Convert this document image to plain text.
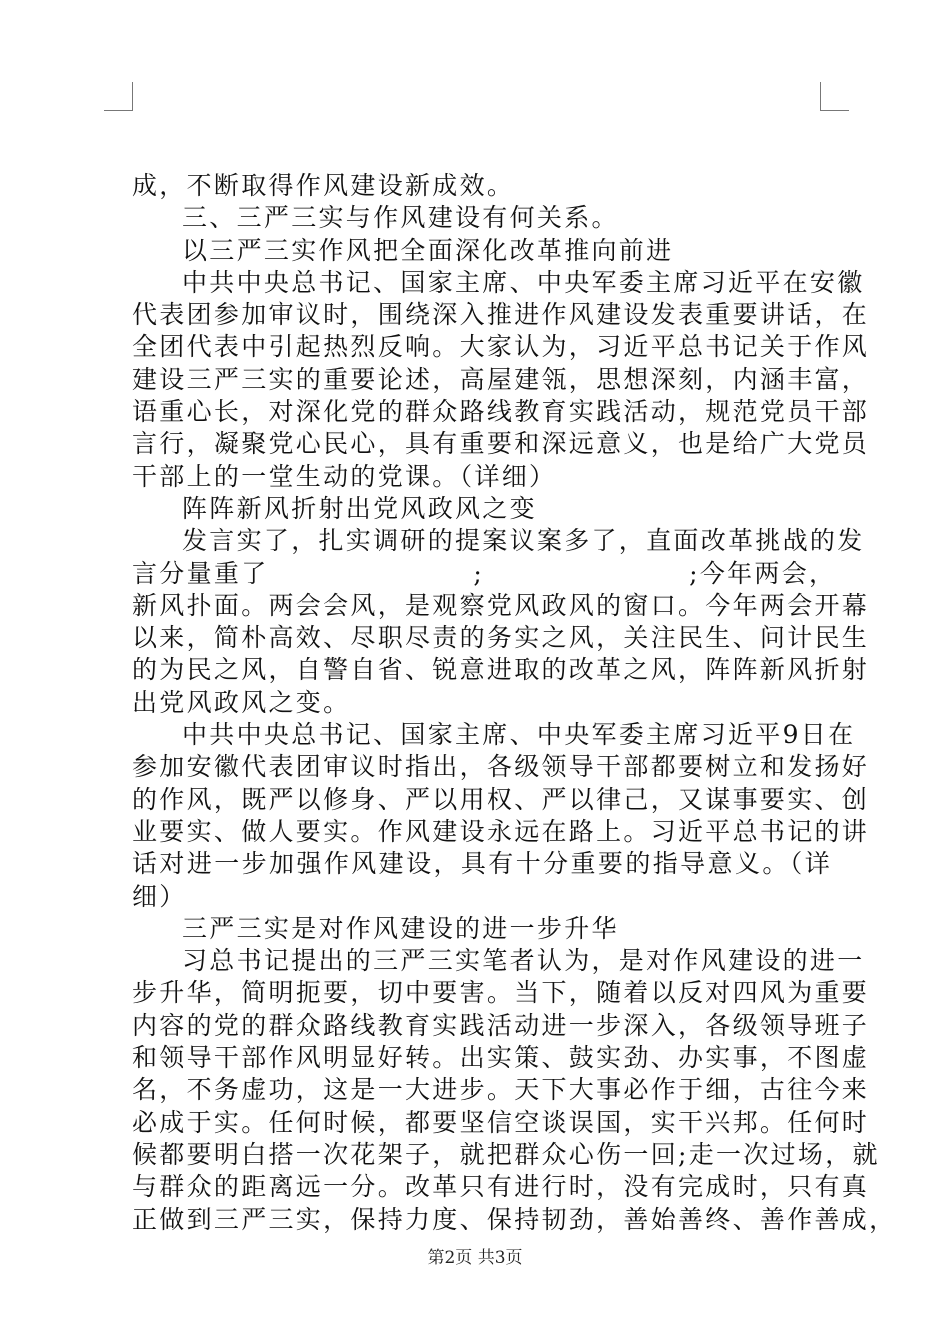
成，不断取得作风建设新成效。
三、三严三实与作风建设有何关系。
以三严三实作风把全面深化改革推向前进
中共中央总书记、国家主席、中央军委主席习近平在安徽
代表团参加审议时，围绕深入推进作风建设发表重要讲话，在
全团代表中引起热烈反响。大家认为，习近平总书记关于作风
建设三严三实的重要论述，高屋建瓴，思想深刻，内涵丰富，
语重心长，对深化党的群众路线教育实践活动，规范党员干部
言行，凝聚党心民心，具有重要和深远意义，也是给广大党员
干部上的一堂生动的党课。（详细）
阵阵新风折射出党风政风之变
发言实了，扎实调研的提案议案多了，直面改革挑战的发
言分量重了                    ;                    ;今年两会，
新风扑面。两会会风，是观察党风政风的窗口。今年两会开幕
以来，简朴高效、尽职尽责的务实之风，关注民生、问计民生
的为民之风，自警自省、锐意进取的改革之风，阵阵新风折射
出党风政风之变。
中共中央总书记、国家主席、中央军委主席习近平9日在
参加安徽代表团审议时指出，各级领导干部都要树立和发扬好
的作风，既严以修身、严以用权、严以律己，又谋事要实、创
业要实、做人要实。作风建设永远在路上。习近平总书记的讲
话对进一步加强作风建设，具有十分重要的指导意义。（详
细）
三严三实是对作风建设的进一步升华
习总书记提出的三严三实笔者认为，是对作风建设的进一
步升华，简明扼要，切中要害。当下，随着以反对四风为重要
内容的党的群众路线教育实践活动进一步深入，各级领导班子
和领导干部作风明显好转。出实策、鼓实劲、办实事，不图虚
名，不务虚功，这是一大进步。天下大事必作于细，古往今来
必成于实。任何时候，都要坚信空谈误国，实干兴邦。任何时
候都要明白搭一次花架子，就把群众心伤一回;走一次过场，就
与群众的距离远一分。改革只有进行时，没有完成时，只有真
正做到三严三实，保持力度、保持韧劲，善始善终、善作善成，
第2页 共3页
